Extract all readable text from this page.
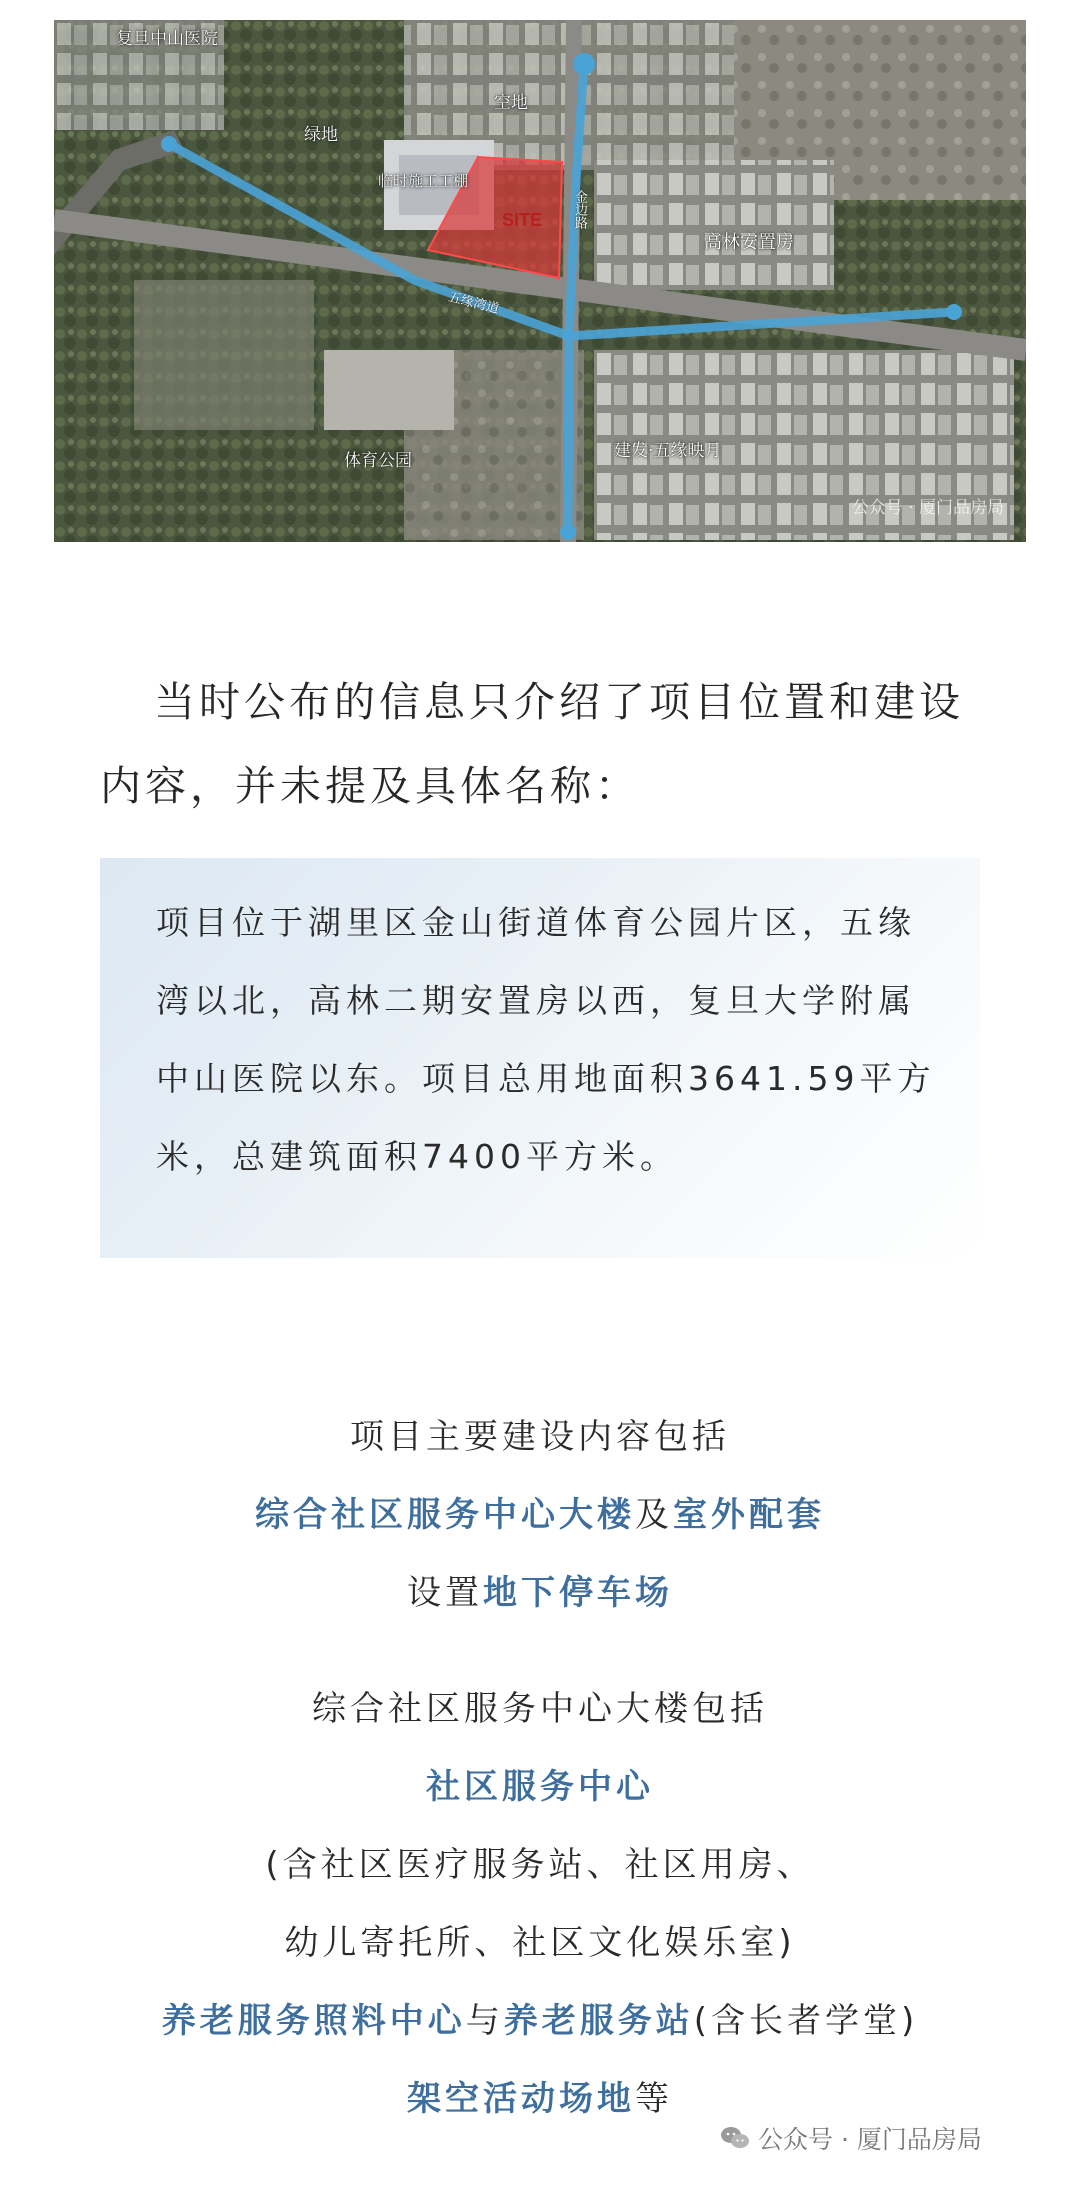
复旦中山医院
空地
绿地
临时施工工棚
SITE 金边路
高林安置房
五缘湾道
体育公园	建发·五缘映月
公众号 · 厦门品房局
当时公布的信息只介绍了项目位置和建设内容，并未提及具体名称：
项目位于湖里区金山街道体育公园片区，五缘湾以北，高林二期安置房以西，复旦大学附属中山医院以东。项目总用地面积3641.59平方米，总建筑面积7400平方米。
项目主要建设内容包括
综合社区服务中心大楼及室外配套
设置地下停车场
综合社区服务中心大楼包括
社区服务中心
(含社区医疗服务站、社区用房、
幼儿寄托所、社区文化娱乐室)
养老服务照料中心与养老服务站(含长者学堂)
架空活动场地等
公众号 · 厦门品房局
